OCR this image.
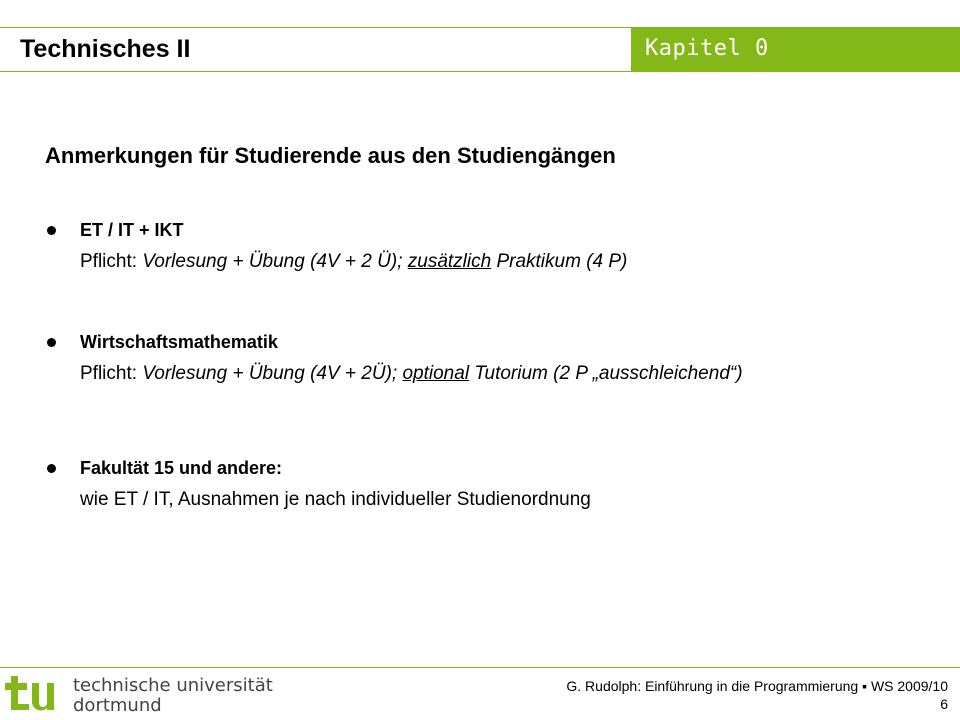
Technisches II	Kapitel 0
Anmerkungen für Studierende aus den Studiengängen
ET / IT + IKT
Pflicht: Vorlesung + Übung (4V + 2 Ü); zusätzlich Praktikum (4 P)
Wirtschaftsmathematik
Pflicht: Vorlesung + Übung (4V + 2Ü); optional Tutorium (2 P „ausschleichend“)
Fakultät 15 und andere:
wie ET / IT, Ausnahmen je nach individueller Studienordnung
technische universität
dortmund
G. Rudolph: Einführung in die Programmierung ▪ WS 2009/10
6
